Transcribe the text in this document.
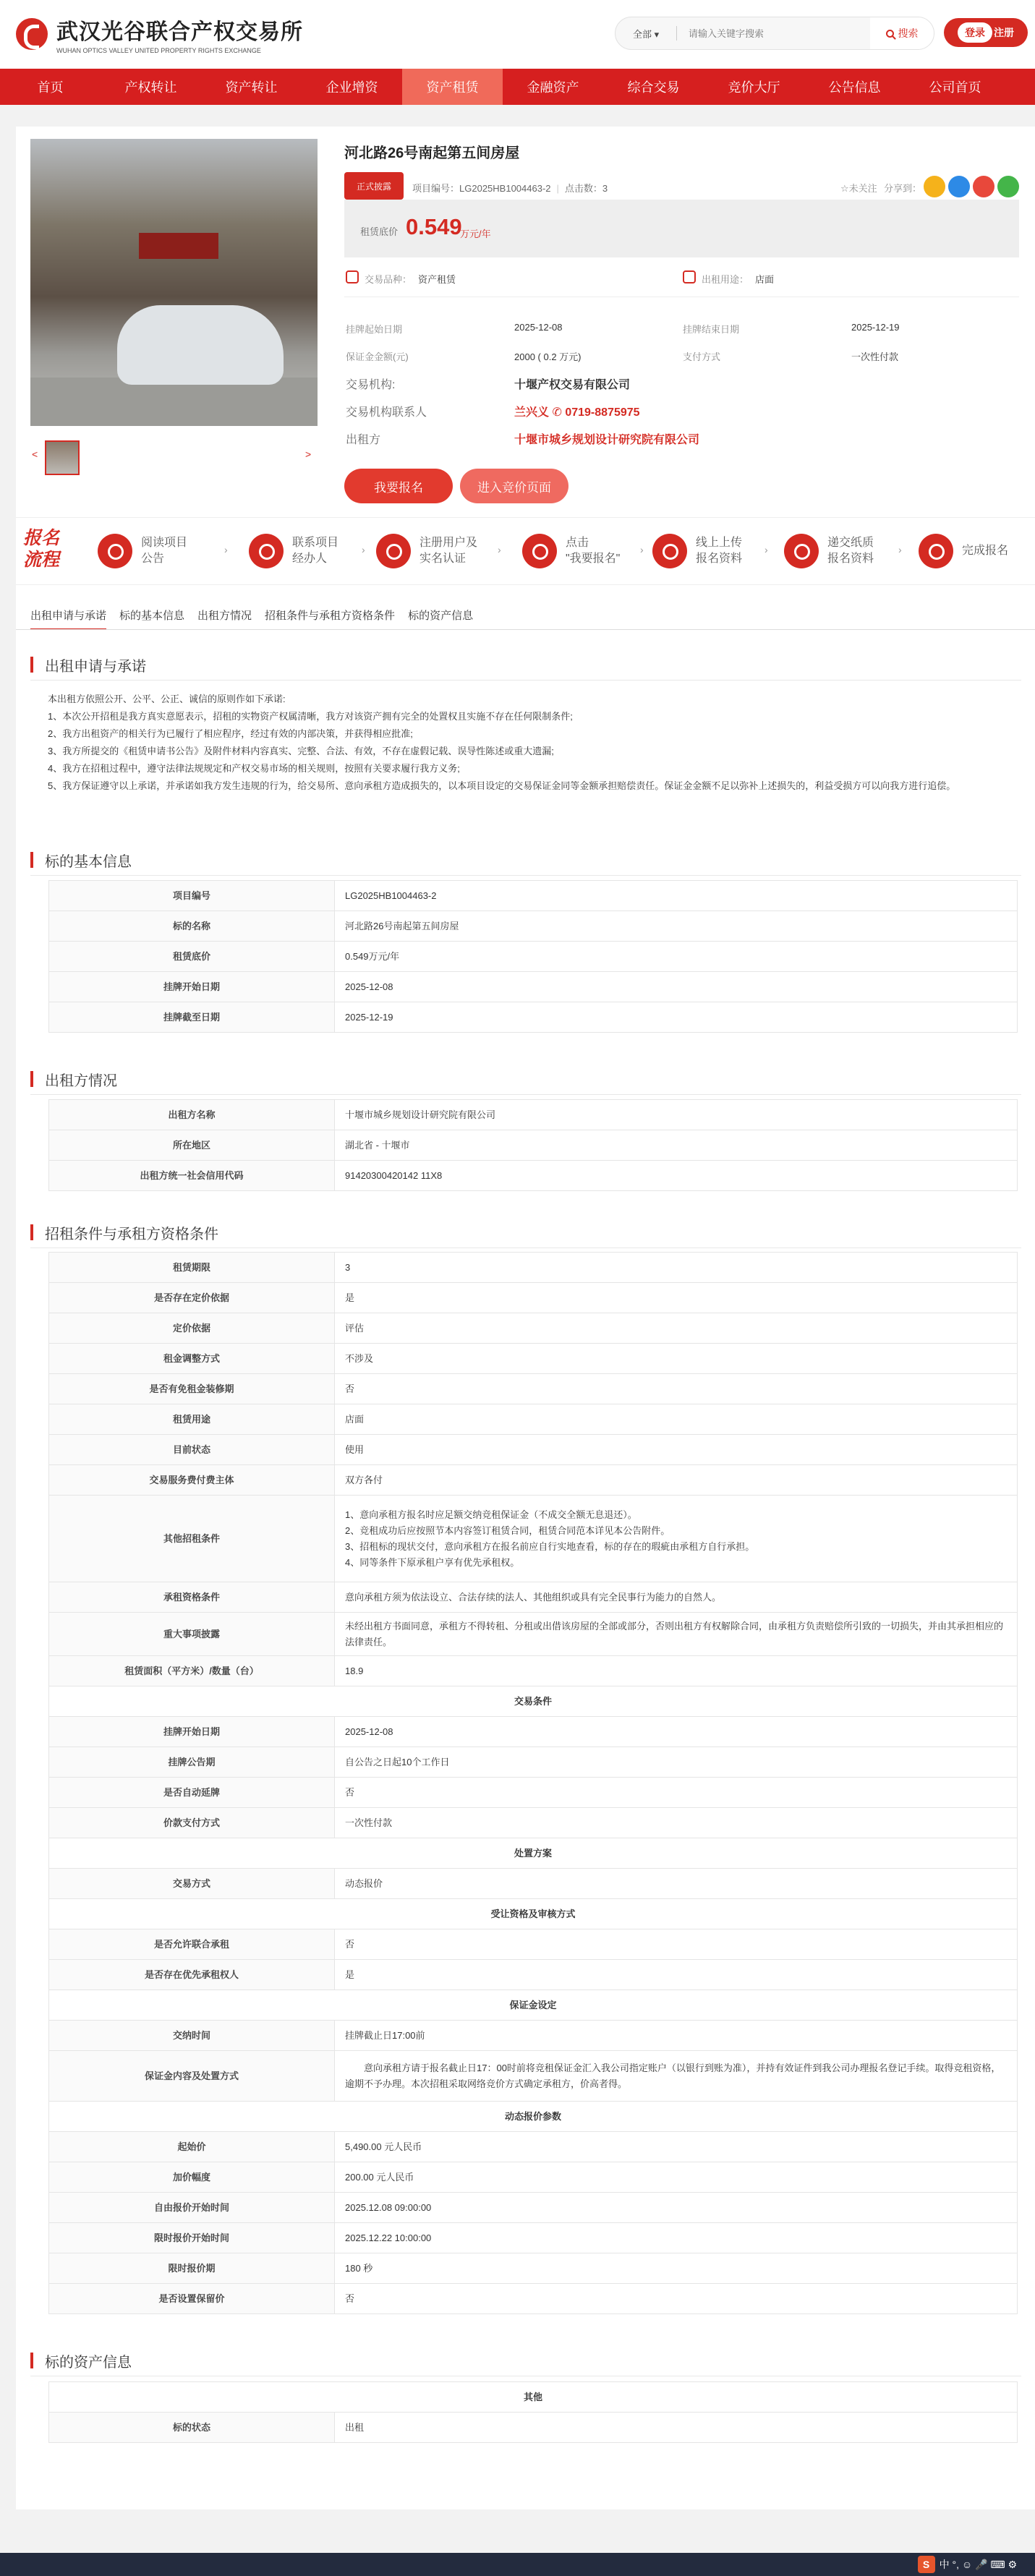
武汉光谷联合产权交易所
WUHAN OPTICS VALLEY UNITED PROPERTY RIGHTS EXCHANGE
全部 ▾
请输入关键字搜索	搜索	登录 注册
首页	产权转让	资产转让	企业增资	资产租赁	金融资产	综合交易	竞价大厅	公告信息	公司首页
<	>
河北路26号南起第五间房屋
正式披露	项目编号：LG2025HB1004463-2 | 点击数：3	☆未关注 分享到：
租赁底价 0.549
万元/年
交易品种： 资产租赁	出租用途： 店面
挂牌起始日期	2025-12-08	挂牌结束日期	2025-12-19
保证金金额(元)	2000 ( 0.2 万元)	支付方式	一次性付款
交易机构:	十堰产权交易有限公司
交易机构联系人	兰兴义 ✆ 0719-8875975
出租方	十堰市城乡规划设计研究院有限公司
我要报名	进入竞价页面
报名
流程
阅读项目
公告
›
联系项目
经办人
›
注册用户及
实名认证
›
点击
"我要报名"
›
线上上传
报名资料
›
递交纸质
报名资料
›	完成报名
出租申请与承诺 标的基本信息 出租方情况 招租条件与承租方资格条件 标的资产信息
出租申请与承诺
本出租方依照公开、公平、公正、诚信的原则作如下承诺:
1、本次公开招租是我方真实意愿表示，招租的实物资产权属清晰，我方对该资产拥有完全的处置权且实施不存在任何限制条件;
2、我方出租资产的相关行为已履行了相应程序，经过有效的内部决策，并获得相应批准;
3、我方所提交的《租赁申请书公告》及附件材料内容真实、完整、合法、有效，不存在虚假记载、误导性陈述或重大遗漏;
4、我方在招租过程中，遵守法律法规规定和产权交易市场的相关规则，按照有关要求履行我方义务;
5、我方保证遵守以上承诺，并承诺如我方发生违规的行为，给交易所、意向承租方造成损失的，以本项目设定的交易保证金同等金额承担赔偿责任。保证金金额不足以弥补上述损失的，利益受损方可以向我方进行追偿。
标的基本信息
项目编号	LG2025HB1004463-2
标的名称	河北路26号南起第五间房屋
租赁底价	0.549万元/年
挂牌开始日期	2025-12-08
挂牌截至日期	2025-12-19
出租方情况
出租方名称	十堰市城乡规划设计研究院有限公司
所在地区	湖北省 - 十堰市
出租方统一社会信用代码	91420300420142 11X8
招租条件与承租方资格条件
租赁期限	3
是否存在定价依据	是
定价依据	评估
租金调整方式	不涉及
是否有免租金装修期	否
租赁用途	店面
目前状态	使用
交易服务费付费主体	双方各付
其他招租条件	1、意向承租方报名时应足额交纳竞租保证金（不成交全额无息退还）。
2、竞租成功后应按照节本内容签订租赁合同，租赁合同范本详见本公告附件。
3、招租标的现状交付，意向承租方在报名前应自行实地查看，标的存在的瑕疵由承租方自行承担。
4、同等条件下原承租户享有优先承租权。
承租资格条件	意向承租方须为依法设立、合法存续的法人、其他组织或具有完全民事行为能力的自然人。
重大事项披露	未经出租方书面同意，承租方不得转租、分租或出借该房屋的全部或部分，否则出租方有权解除合同，由承租方负责赔偿所引致的一切损失，并由其承担相应的法律责任。
租赁面积（平方米）/数量（台）	18.9
交易条件	
挂牌开始日期	2025-12-08
挂牌公告期	自公告之日起10个工作日
是否自动延牌	否
价款支付方式	一次性付款
处置方案	
交易方式	动态报价
受让资格及审核方式	
是否允许联合承租	否
是否存在优先承租权人	是
保证金设定	
交纳时间	挂牌截止日17:00前
保证金内容及处置方式	　　意向承租方请于报名截止日17：00时前将竞租保证金汇入我公司指定账户（以银行到账为准），并持有效证件到我公司办理报名登记手续。取得竞租资格，逾期不予办理。本次招租采取网络竞价方式确定承租方，价高者得。
动态报价参数	
起始价	5,490.00 元人民币
加价幅度	200.00 元人民币
自由报价开始时间	2025.12.08 09:00:00
限时报价开始时间	2025.12.22 10:00:00
限时报价期	180 秒
是否设置保留价	否
标的资产信息
其他
标的状态	出租
S 中 °, ☺ 🎤 ⌨ ⚙
